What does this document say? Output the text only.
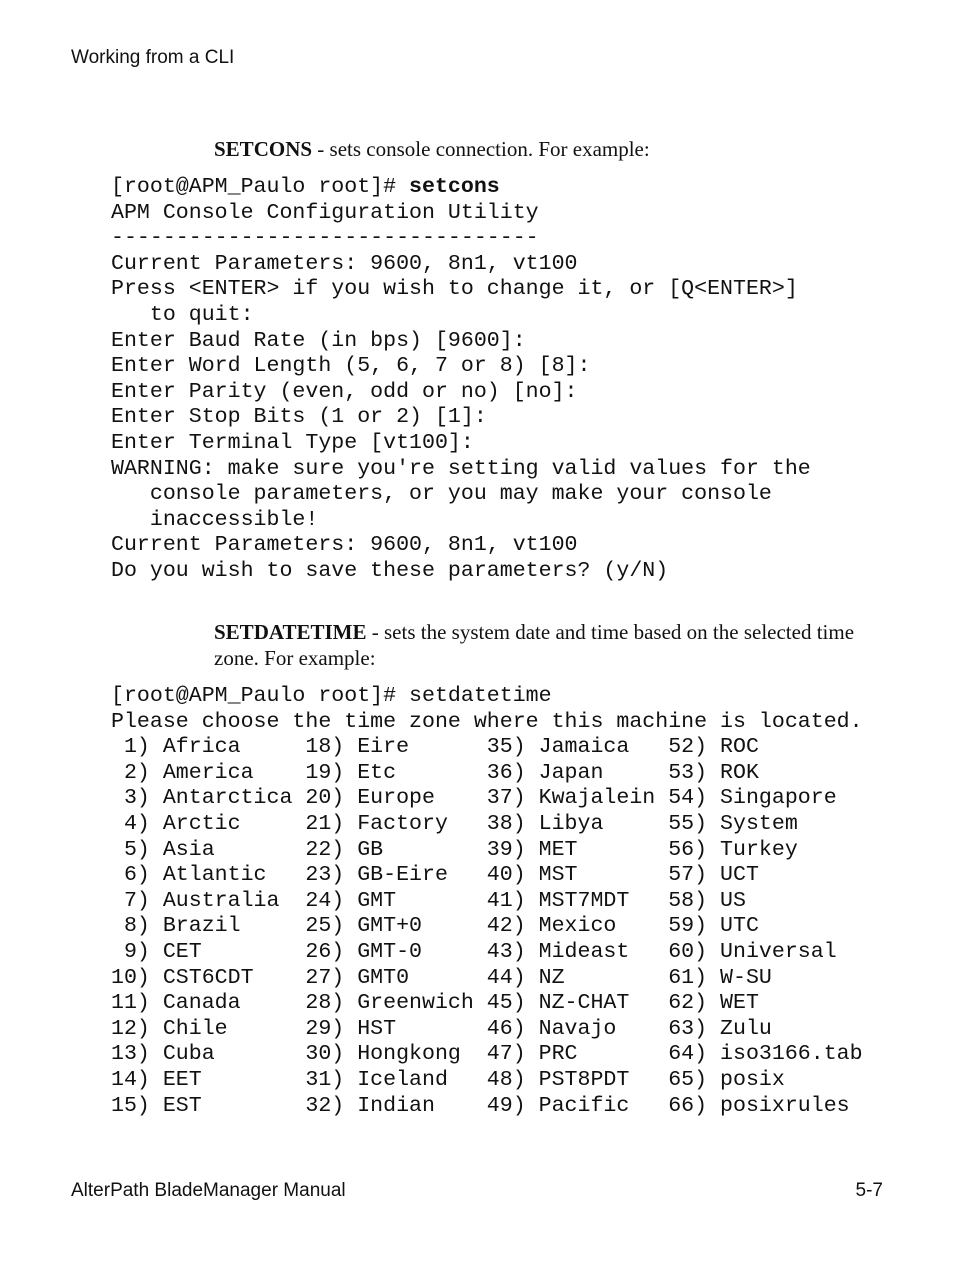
Working from a CLI
SETCONS - sets console connection. For example:
[root@APM_Paulo root]# setcons
APM Console Configuration Utility
---------------------------------
Current Parameters: 9600, 8n1, vt100
Press <ENTER> if you wish to change it, or [Q<ENTER>]
to quit:
Enter Baud Rate (in bps) [9600]:
Enter Word Length (5, 6, 7 or 8) [8]:
Enter Parity (even, odd or no) [no]:
Enter Stop Bits (1 or 2) [1]:
Enter Terminal Type [vt100]:
WARNING: make sure you're setting valid values for the
console parameters, or you may make your console
inaccessible!
Current Parameters: 9600, 8n1, vt100
Do you wish to save these parameters? (y/N)
SETDATETIME - sets the system date and time based on the selected time zone. For example:
[root@APM_Paulo root]# setdatetime
Please choose the time zone where this machine is located.
1) Africa     18) Eire      35) Jamaica   52) ROC
2) America    19) Etc       36) Japan     53) ROK
3) Antarctica 20) Europe    37) Kwajalein 54) Singapore
4) Arctic     21) Factory   38) Libya     55) System
5) Asia       22) GB        39) MET       56) Turkey
6) Atlantic   23) GB-Eire   40) MST       57) UCT
7) Australia  24) GMT       41) MST7MDT   58) US
8) Brazil     25) GMT+0     42) Mexico    59) UTC
9) CET        26) GMT-0     43) Mideast   60) Universal
10) CST6CDT    27) GMT0      44) NZ        61) W-SU
11) Canada     28) Greenwich 45) NZ-CHAT   62) WET
12) Chile      29) HST       46) Navajo    63) Zulu
13) Cuba       30) Hongkong  47) PRC       64) iso3166.tab
14) EET        31) Iceland   48) PST8PDT   65) posix
15) EST        32) Indian    49) Pacific   66) posixrules
AlterPath BladeManager Manual	5-7
